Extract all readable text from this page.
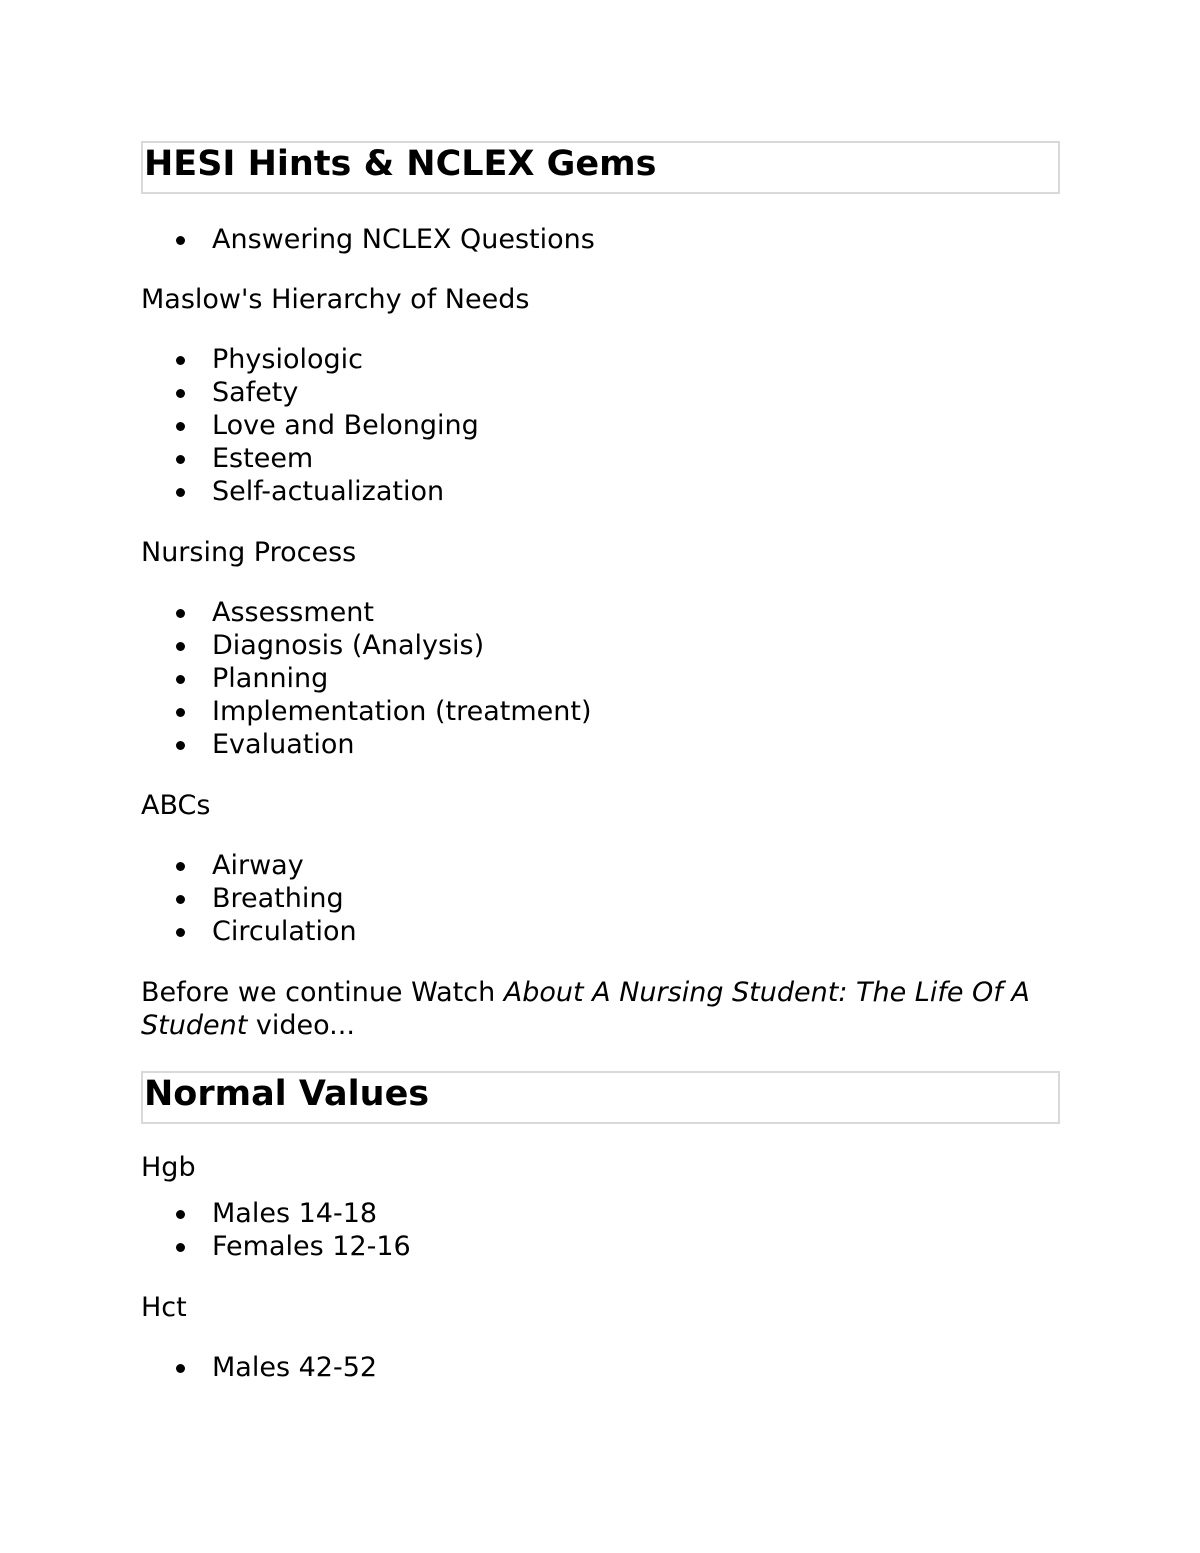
HESI Hints & NCLEX Gems
Answering NCLEX Questions

Maslow's Hierarchy of Needs

Physiologic
Safety
Love and Belonging
Esteem
Self-actualization

Nursing Process

Assessment
Diagnosis (Analysis)
Planning
Implementation (treatment)
Evaluation

ABCs

Airway
Breathing
Circulation

Before we continue Watch About A Nursing Student: The Life Of A Student video...

Normal Values

Hgb

Males 14-18
Females 12-16

Hct

Males 42-52
